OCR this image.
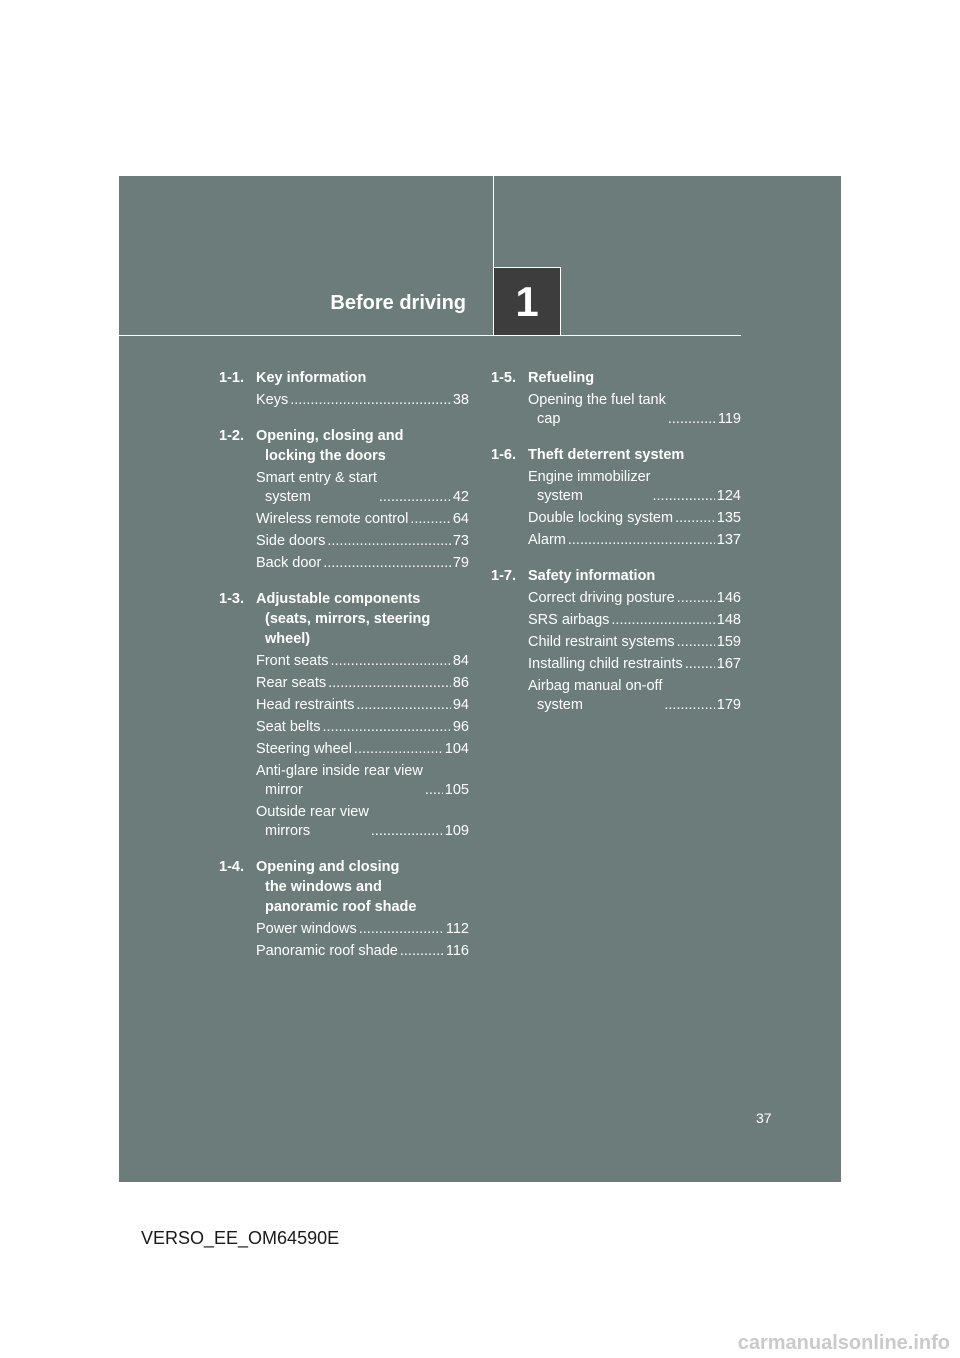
Before driving 1
1-1. Key information
Keys .....	38
1-2. Opening, closing and
locking the doors
Smart entry & start
system .....	42
Wireless remote control .....	64
Side doors .....	73
Back door .....	79
1-3. Adjustable components
(seats, mirrors, steering
wheel)
Front seats .....	84
Rear seats .....	86
Head restraints .....	94
Seat belts .....	96
Steering wheel .....	104
Anti-glare inside rear view
mirror .....	105
Outside rear view
mirrors .....	109
1-4. Opening and closing
the windows and
panoramic roof shade
Power windows .....	112
Panoramic roof shade .....	116
1-5. Refueling
Opening the fuel tank
cap .....	119
1-6. Theft deterrent system
Engine immobilizer
system .....	124
Double locking system .....	135
Alarm .....	137
1-7. Safety information
Correct driving posture .....	146
SRS airbags .....	148
Child restraint systems .....	159
Installing child restraints ..... 167
Airbag manual on-off
system .....	179
37
VERSO_EE_OM64590E
carmanualsonline.info
